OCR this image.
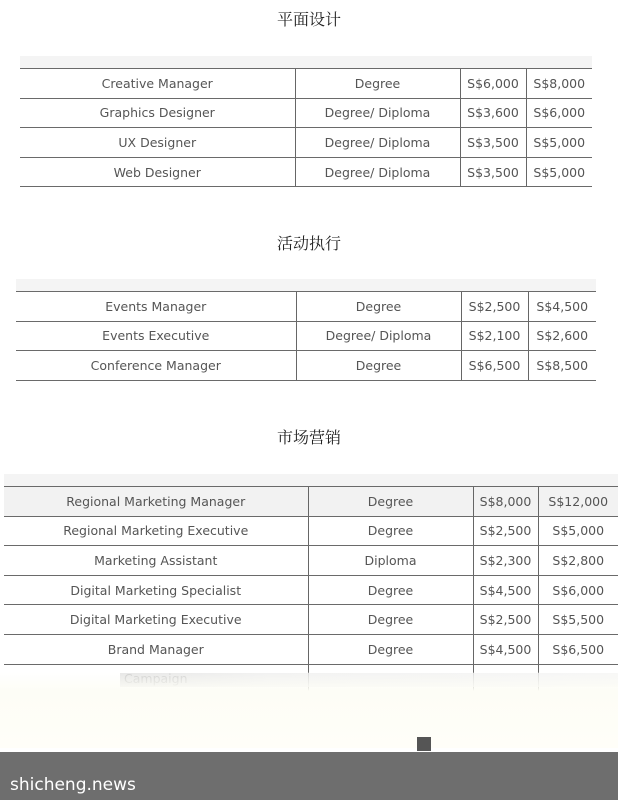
平面设计
Creative Manager	Degree	S$6,000	S$8,000
Graphics Designer	Degree/ Diploma	S$3,600	S$6,000
UX Designer	Degree/ Diploma	S$3,500	S$5,000
Web Designer	Degree/ Diploma	S$3,500	S$5,000
活动执行
Events Manager	Degree	S$2,500	S$4,500
Events Executive	Degree/ Diploma	S$2,100	S$2,600
Conference Manager	Degree	S$6,500	S$8,500
市场营销
Regional Marketing Manager	Degree	S$8,000	S$12,000
Regional Marketing Executive	Degree	S$2,500	S$5,000
Marketing Assistant	Diploma	S$2,300	S$2,800
Digital Marketing Specialist	Degree	S$4,500	S$6,000
Digital Marketing Executive	Degree	S$2,500	S$5,500
Brand Manager	Degree	S$4,500	S$6,500

shicheng.news
